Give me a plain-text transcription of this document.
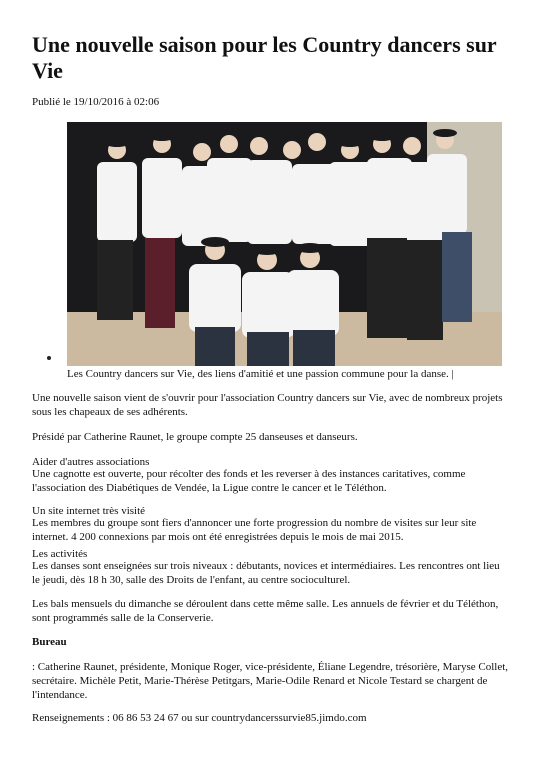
Une nouvelle saison pour les Country dancers sur Vie
Publié le 19/10/2016 à 02:06
Les Country dancers sur Vie, des liens d'amitié et une passion commune pour la danse. |

Une nouvelle saison vient de s'ouvrir pour l'association Country dancers sur Vie, avec de nombreux projets sous les chapeaux de ses adhérents.

Présidé par Catherine Raunet, le groupe compte 25 danseuses et danseurs.

Aider d'autres associations

Une cagnotte est ouverte, pour récolter des fonds et les reverser à des instances caritatives, comme l'association des Diabétiques de Vendée, la Ligue contre le cancer et le Téléthon.

Un site internet très visité

Les membres du groupe sont fiers d'annoncer une forte progression du nombre de visites sur leur site internet. 4 200 connexions par mois ont été enregistrées depuis le mois de mai 2015.

Les activités

Les danses sont enseignées sur trois niveaux : débutants, novices et intermédiaires. Les rencontres ont lieu le jeudi, dès 18 h 30, salle des Droits de l'enfant, au centre socioculturel.

Les bals mensuels du dimanche se déroulent dans cette même salle. Les annuels de février et du Téléthon, sont programmés salle de la Conserverie.

Bureau

: Catherine Raunet, présidente, Monique Roger, vice-présidente, Éliane Legendre, trésorière, Maryse Collet, secrétaire. Michèle Petit, Marie-Thérèse Petitgars, Marie-Odile Renard et Nicole Testard se chargent de l'intendance.

Renseignements : 06 86 53 24 67 ou sur countrydancerssurvie85.jimdo.com
